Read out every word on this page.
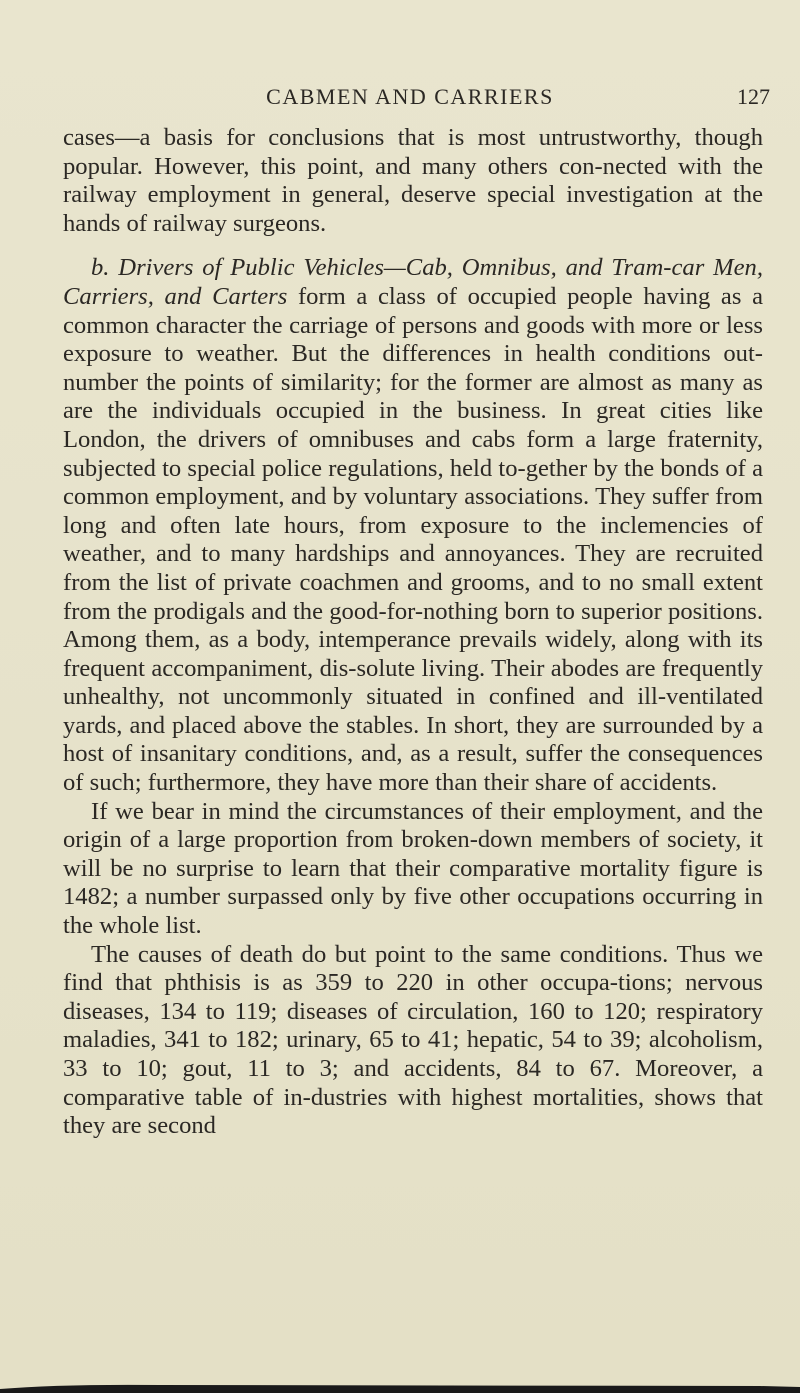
CABMEN AND CARRIERS	127

cases—a basis for conclusions that is most untrustworthy, though popular. However, this point, and many others con-nected with the railway employment in general, deserve special investigation at the hands of railway surgeons.

b. Drivers of Public Vehicles—Cab, Omnibus, and Tram-car Men, Carriers, and Carters form a class of occupied people having as a common character the carriage of persons and goods with more or less exposure to weather. But the differences in health conditions out-number the points of similarity; for the former are almost as many as are the individuals occupied in the business. In great cities like London, the drivers of omnibuses and cabs form a large fraternity, subjected to special police regulations, held to-gether by the bonds of a common employment, and by voluntary associations. They suffer from long and often late hours, from exposure to the inclemencies of weather, and to many hardships and annoyances. They are recruited from the list of private coachmen and grooms, and to no small extent from the prodigals and the good-for-nothing born to superior positions. Among them, as a body, intemperance prevails widely, along with its frequent accompaniment, dis-solute living. Their abodes are frequently unhealthy, not uncommonly situated in confined and ill-ventilated yards, and placed above the stables. In short, they are surrounded by a host of insanitary conditions, and, as a result, suffer the consequences of such; furthermore, they have more than their share of accidents.

If we bear in mind the circumstances of their employment, and the origin of a large proportion from broken-down members of society, it will be no surprise to learn that their comparative mortality figure is 1482; a number surpassed only by five other occupations occurring in the whole list.

The causes of death do but point to the same conditions. Thus we find that phthisis is as 359 to 220 in other occupa-tions; nervous diseases, 134 to 119; diseases of circulation, 160 to 120; respiratory maladies, 341 to 182; urinary, 65 to 41; hepatic, 54 to 39; alcoholism, 33 to 10; gout, 11 to 3; and accidents, 84 to 67. Moreover, a comparative table of in-dustries with highest mortalities, shows that they are second
